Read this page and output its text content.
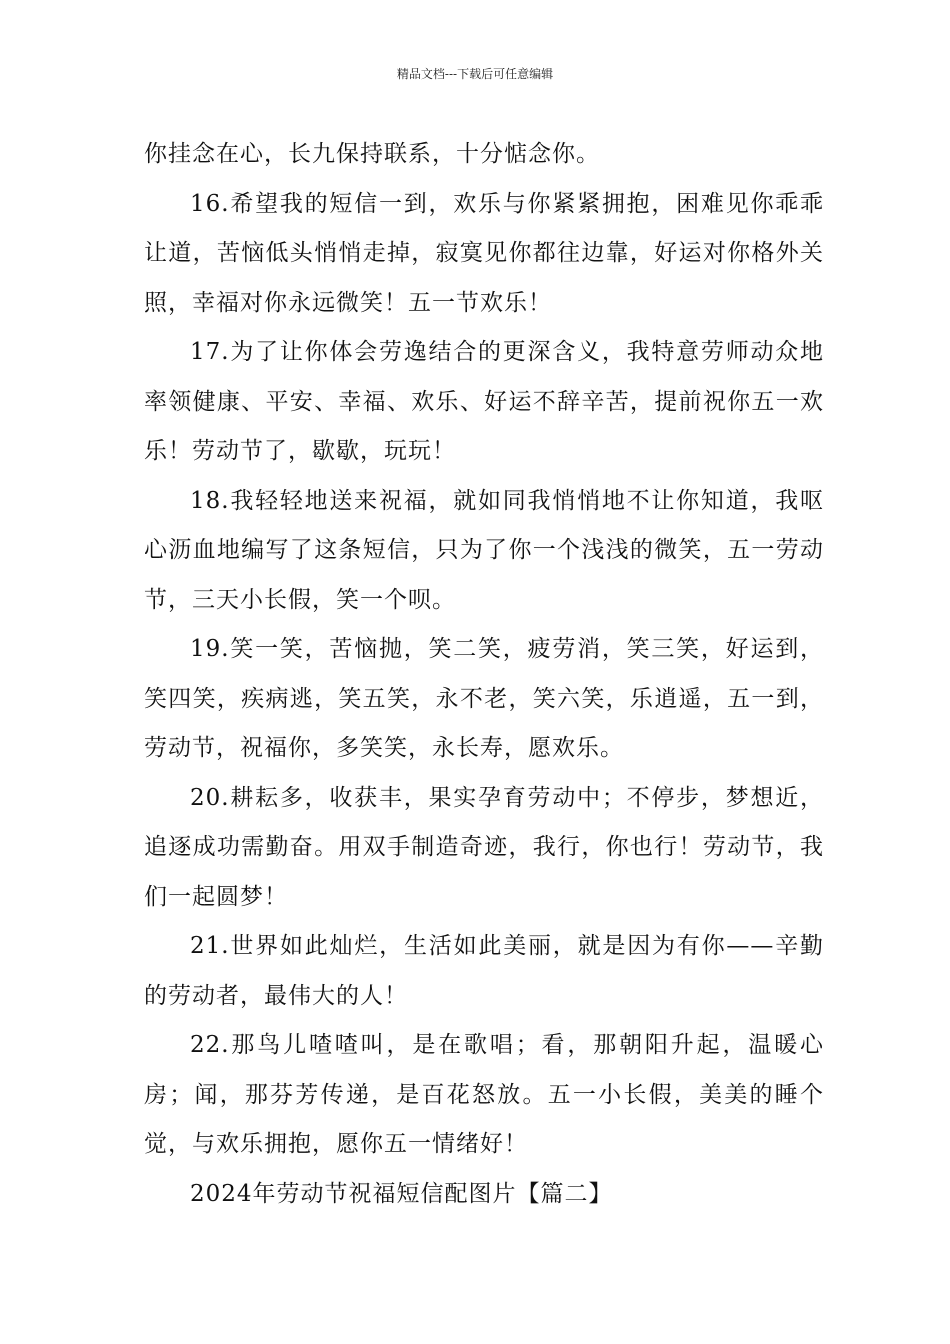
精品文档---下载后可任意编辑

你挂念在心，长九保持联系，十分惦念你。

16.希望我的短信一到，欢乐与你紧紧拥抱，困难见你乖乖让道，苦恼低头悄悄走掉，寂寞见你都往边靠，好运对你格外关照，幸福对你永远微笑！五一节欢乐！

17.为了让你体会劳逸结合的更深含义，我特意劳师动众地率领健康、平安、幸福、欢乐、好运不辞辛苦，提前祝你五一欢乐！劳动节了，歇歇，玩玩！

18.我轻轻地送来祝福，就如同我悄悄地不让你知道，我呕心沥血地编写了这条短信，只为了你一个浅浅的微笑，五一劳动节，三天小长假，笑一个呗。

19.笑一笑，苦恼抛，笑二笑，疲劳消，笑三笑，好运到，笑四笑，疾病逃，笑五笑，永不老，笑六笑，乐逍遥，五一到，劳动节，祝福你，多笑笑，永长寿，愿欢乐。

20.耕耘多，收获丰，果实孕育劳动中；不停步，梦想近，追逐成功需勤奋。用双手制造奇迹，我行，你也行！劳动节，我们一起圆梦！

21.世界如此灿烂，生活如此美丽，就是因为有你——辛勤的劳动者，最伟大的人！

22.那鸟儿喳喳叫，是在歌唱；看，那朝阳升起，温暖心房；闻，那芬芳传递，是百花怒放。五一小长假，美美的睡个觉，与欢乐拥抱，愿你五一情绪好！

2024年劳动节祝福短信配图片【篇二】
